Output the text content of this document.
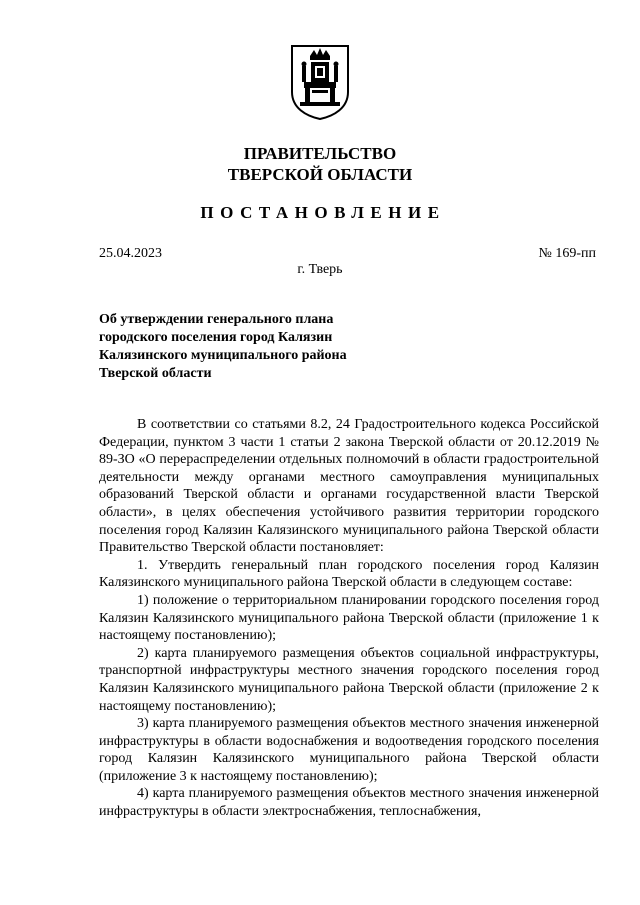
ПРАВИТЕЛЬСТВО
ТВЕРСКОЙ ОБЛАСТИ
ПОСТАНОВЛЕНИЕ
25.04.2023	№ 169-пп
г. Тверь
Об утверждении генерального плана
городского поселения город Калязин
Калязинского муниципального района
Тверской области

В соответствии со статьями 8.2, 24 Градостроительного кодекса Российской Федерации, пунктом 3 части 1 статьи 2 закона Тверской области от 20.12.2019 № 89-ЗО «О перераспределении отдельных полномочий в области градостроительной деятельности между органами местного самоуправления муниципальных образований Тверской области и органами государственной власти Тверской области», в целях обеспечения устойчивого развития территории городского поселения город Калязин Калязинского муниципального района Тверской области Правительство Тверской области постановляет:

1. Утвердить генеральный план городского поселения город Калязин Калязинского муниципального района Тверской области в следующем составе:

1) положение о территориальном планировании городского поселения город Калязин Калязинского муниципального района Тверской области (приложение 1 к настоящему постановлению);

2) карта планируемого размещения объектов социальной инфраструктуры, транспортной инфраструктуры местного значения городского поселения город Калязин Калязинского муниципального района Тверской области (приложение 2 к настоящему постановлению);

3) карта планируемого размещения объектов местного значения инженерной инфраструктуры в области водоснабжения и водоотведения городского поселения город Калязин Калязинского муниципального района Тверской области (приложение 3 к настоящему постановлению);

4) карта планируемого размещения объектов местного значения инженерной инфраструктуры в области электроснабжения, теплоснабжения,
